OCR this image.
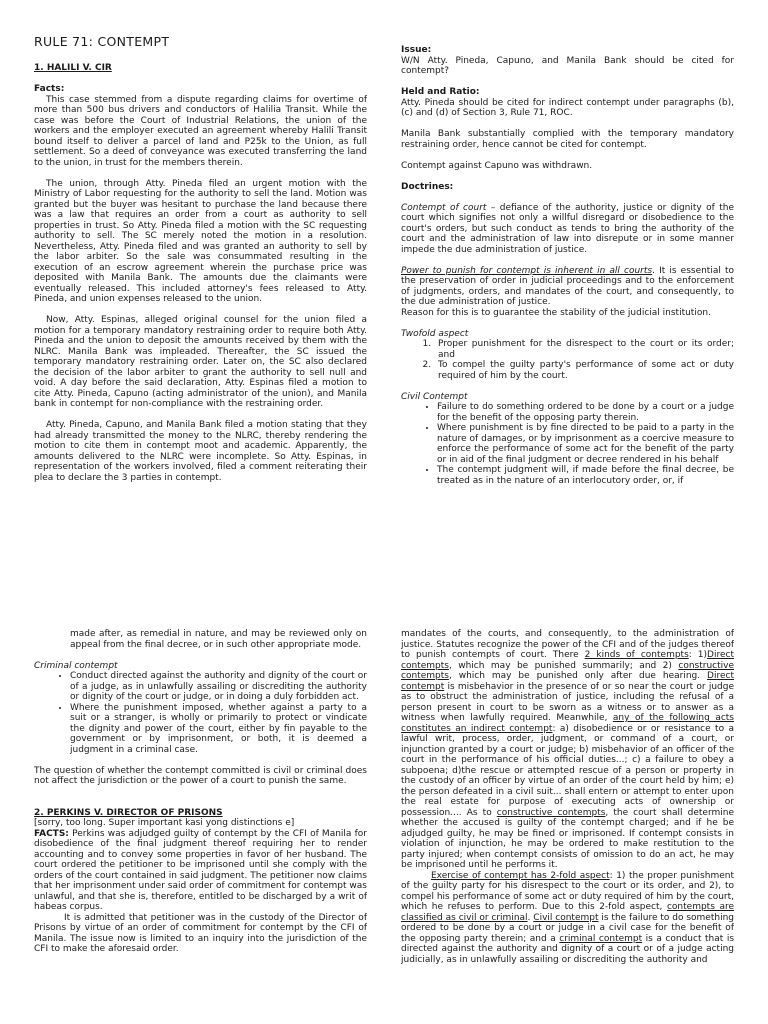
RULE 71: CONTEMPT

1. HALILI V. CIR

Facts:

This case stemmed from a dispute regarding claims for overtime of more than 500 bus drivers and conductors of Halilia Transit. While the case was before the Court of Industrial Relations, the union of the workers and the employer executed an agreement whereby Halili Transit bound itself to deliver a parcel of land and P25k to the Union, as full settlement. So a deed of conveyance was executed transferring the land to the union, in trust for the members therein.

The union, through Atty. Pineda filed an urgent motion with the Ministry of Labor requesting for the authority to sell the land. Motion was granted but the buyer was hesitant to purchase the land because there was a law that requires an order from a court as authority to sell properties in trust. So Atty. Pineda filed a motion with the SC requesting authority to sell. The SC merely noted the motion in a resolution. Nevertheless, Atty. Pineda filed and was granted an authority to sell by the labor arbiter. So the sale was consummated resulting in the execution of an escrow agreement wherein the purchase price was deposited with Manila Bank. The amounts due the claimants were eventually released. This included attorney's fees released to Atty. Pineda, and union expenses released to the union.

Now, Atty. Espinas, alleged original counsel for the union filed a motion for a temporary mandatory restraining order to require both Atty. Pineda and the union to deposit the amounts received by them with the NLRC. Manila Bank was impleaded. Thereafter, the SC issued the temporary mandatory restraining order. Later on, the SC also declared the decision of the labor arbiter to grant the authority to sell null and void. A day before the said declaration, Atty. Espinas filed a motion to cite Atty. Pineda, Capuno (acting administrator of the union), and Manila bank in contempt for non-compliance with the restraining order.

Atty. Pineda, Capuno, and Manila Bank filed a motion stating that they had already transmitted the money to the NLRC, thereby rendering the motion to cite them in contempt moot and academic. Apparently, the amounts delivered to the NLRC were incomplete. So Atty. Espinas, in representation of the workers involved, filed a comment reiterating their plea to declare the 3 parties in contempt.

Issue:

W/N Atty. Pineda, Capuno, and Manila Bank should be cited for contempt?

Held and Ratio:

Atty. Pineda should be cited for indirect contempt under paragraphs (b), (c) and (d) of Section 3, Rule 71, ROC.

Manila Bank substantially complied with the temporary mandatory restraining order, hence cannot be cited for contempt.

Contempt against Capuno was withdrawn.

Doctrines:

Contempt of court – defiance of the authority, justice or dignity of the court which signifies not only a willful disregard or disobedience to the court's orders, but such conduct as tends to bring the authority of the court and the administration of law into disrepute or in some manner impede the due administration of justice.

Power to punish for contempt is inherent in all courts. It is essential to the preservation of order in judicial proceedings and to the enforcement of judgments, orders, and mandates of the court, and consequently, to the due administration of justice.

Reason for this is to guarantee the stability of the judicial institution.

Twofold aspect

1. Proper punishment for the disrespect to the court or its order; and
2. To compel the guilty party's performance of some act or duty required of him by the court.

Civil Contempt

• Failure to do something ordered to be done by a court or a judge for the benefit of the opposing party therein.
• Where punishment is by fine directed to be paid to a party in the nature of damages, or by imprisonment as a coercive measure to enforce the performance of some act for the benefit of the party or in aid of the final judgment or decree rendered in his behalf
• The contempt judgment will, if made before the final decree, be treated as in the nature of an interlocutory order, or, if

made after, as remedial in nature, and may be reviewed only on appeal from the final decree, or in such other appropriate mode.

Criminal contempt

• Conduct directed against the authority and dignity of the court or of a judge, as in unlawfully assailing or discrediting the authority or dignity of the court or judge, or in doing a duly forbidden act.
• Where the punishment imposed, whether against a party to a suit or a stranger, is wholly or primarily to protect or vindicate the dignity and power of the court, either by fin payable to the government or by imprisonment, or both, it is deemed a judgment in a criminal case.

The question of whether the contempt committed is civil or criminal does not affect the jurisdiction or the power of a court to punish the same.

2. PERKINS V. DIRECTOR OF PRISONS

[sorry, too long. Super important kasi yong distinctions e]

FACTS: Perkins was adjudged guilty of contempt by the CFI of Manila for disobedience of the final judgment thereof requiring her to render accounting and to convey some properties in favor of her husband. The court ordered the petitioner to be imprisoned until she comply with the orders of the court contained in said judgment. The petitioner now claims that her imprisonment under said order of commitment for contempt was unlawful, and that she is, therefore, entitled to be discharged by a writ of habeas corpus.

It is admitted that petitioner was in the custody of the Director of Prisons by virtue of an order of commitment for contempt by the CFI of Manila. The issue now is limited to an inquiry into the jurisdiction of the CFI to make the aforesaid order.

mandates of the courts, and consequently, to the administration of justice. Statutes recognize the power of the CFI and of the judges thereof to punish contempts of court. There 2 kinds of contempts: 1)Direct contempts, which may be punished summarily; and 2) constructive contempts, which may be punished only after due hearing. Direct contempt is misbehavior in the presence of or so near the court or judge as to obstruct the administration of justice, including the refusal of a person present in court to be sworn as a witness or to answer as a witness when lawfully required. Meanwhile, any of the following acts constitutes an indirect contempt: a) disobedience or or resistance to a lawful writ, process, order, judgment, or command of a court, or injunction granted by a court or judge; b) misbehavior of an officer of the court in the performance of his official duties...; c) a failure to obey a subpoena; d)the rescue or attempted rescue of a person or property in the custody of an officer by virtue of an order of the court held by him; e) the person defeated in a civil suit... shall entern or attempt to enter upon the real estate for purpose of executing acts of ownership or possession.... As to constructive contempts, the court shall determine whether the accused is guilty of the contempt charged; and if he be adjudged guilty, he may be fined or imprisoned. If contempt consists in violation of injunction, he may be ordered to make restitution to the party injured; when contempt consists of omission to do an act, he may be imprisoned until he performs it.

Exercise of contempt has 2-fold aspect: 1) the proper punishment of the guilty party for his disrespect to the court or its order, and 2), to compel his performance of some act or duty required of him by the court, which he refuses to perform. Due to this 2-fold aspect, contempts are classified as civil or criminal. Civil contempt is the failure to do something ordered to be done by a court or judge in a civil case for the benefit of the opposing party therein; and a criminal contempt is a conduct that is directed against the authority and dignity of a court or of a judge acting judicially, as in unlawfully assailing or discrediting the authority and
